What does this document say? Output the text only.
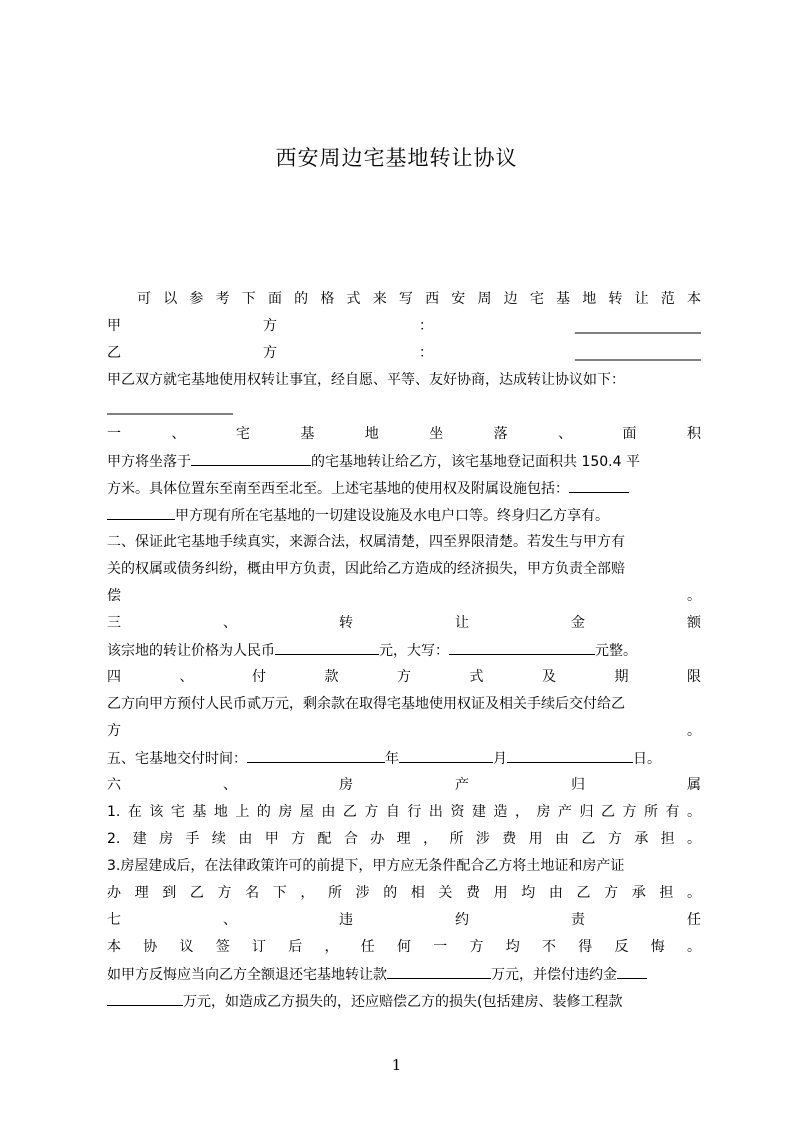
西安周边宅基地转让协议
可以参考下面的格式来写西安周边宅基地转让范本
甲方：__________________
乙方：__________________
甲乙双方就宅基地使用权转让事宜，经自愿、平等、友好协商，达成转让协议如下：
__________________
一、宅基地坐落、面积
甲方将坐落于	的宅基地转让给乙方，该宅基地登记面积共 150.4 平
方米。具体位置东至南至西至北至。上述宅基地的使用权及附属设施包括：
甲方现有所在宅基地的一切建设设施及水电户口等。终身归乙方享有。
二、保证此宅基地手续真实，来源合法，权属清楚，四至界限清楚。若发生与甲方有
关的权属或债务纠纷，概由甲方负责，因此给乙方造成的经济损失，甲方负责全部赔
偿。
三、转让金额
该宗地的转让价格为人民币	元，大写：	元整。
四、付款方式及期限
乙方向甲方预付人民币贰万元，剩余款在取得宅基地使用权证及相关手续后交付给乙
方。
五、宅基地交付时间：	年	月	日。
六、房产归属
1.在该宅基地上的房屋由乙方自行出资建造，房产归乙方所有。
2.建房手续由甲方配合办理，所涉费用由乙方承担。
3.房屋建成后，在法律政策许可的前提下，甲方应无条件配合乙方将土地证和房产证
办理到乙方名下，所涉的相关费用均由乙方承担。
七、违约责任
本协议签订后，任何一方均不得反悔。
如甲方反悔应当向乙方全额退还宅基地转让款	万元，并偿付违约金
万元，如造成乙方损失的，还应赔偿乙方的损失(包括建房、装修工程款
1
